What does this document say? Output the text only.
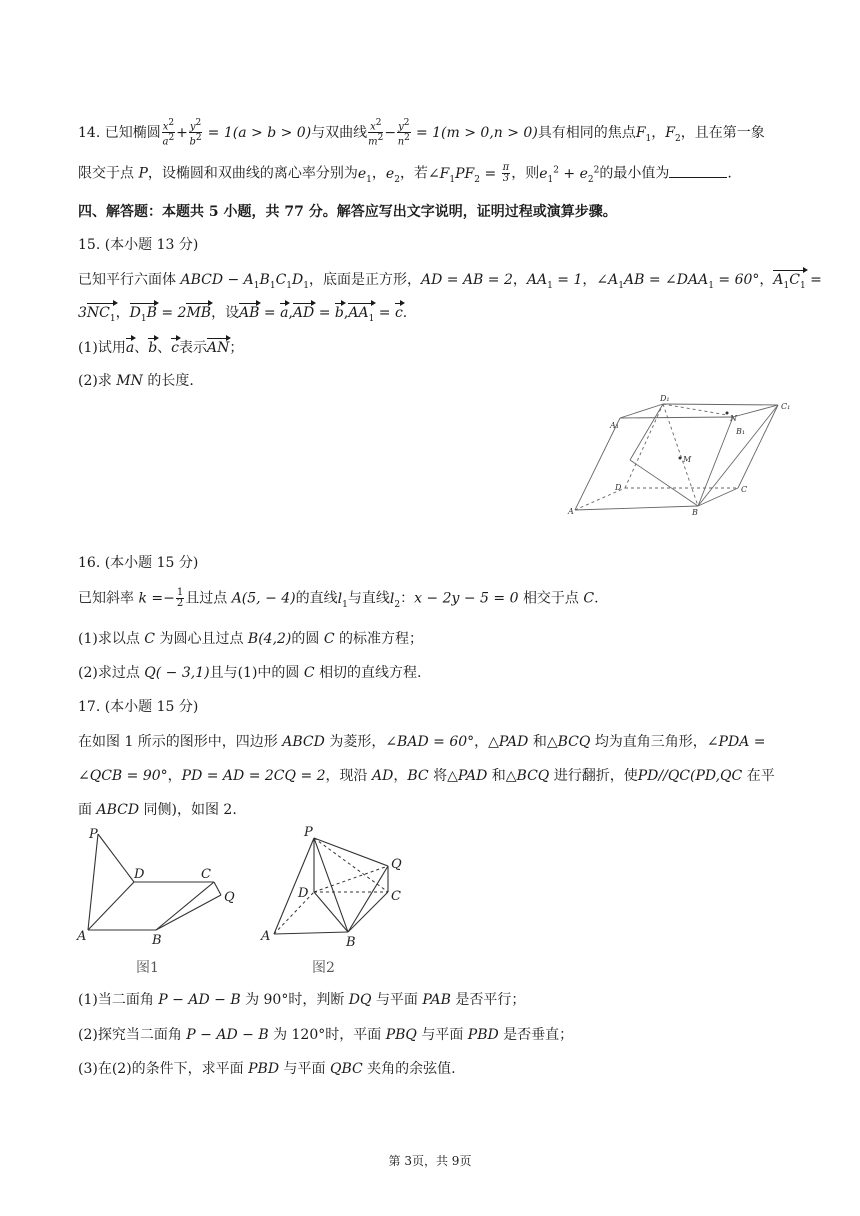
14. 已知椭圆 $\frac{x^2}{a^2} + \frac{y^2}{b^2} = 1(a > b > 0)$与双曲线 $\frac{x^2}{m^2} - \frac{y^2}{n^2} = 1(m > 0,n > 0)$具有相同的焦点$F_1$，$F_2$，且在第一象
限交于点 P，设椭圆和双曲线的离心率分别为$e_1$，$e_2$，若$\angle F_1PF_2 = \frac{\pi}{3}$ ，则$e_1^2 + e_2^2$的最小值为	.
四、解答题：本题共 5 小题，共 77 分。解答应写出文字说明，证明过程或演算步骤。
15. (本小题 13 分)
已知平行六面体 ABCD − $A_1B_1C_1D_1$，底面是正方形，AD = AB = 2，$AA_1 = 1$，$\angle A_1AB$ = $\angle DAA_1 = 60^\circ$，$A_1C_1$ =
$3NC_1$，$D_1B = 2MB$，设AB = $a,AD = b,AA_1 = c$.
(1)试用a、b、c表示AN；
(2)求 MN 的长度.
D₁
N
C₁
A₁
B₁
M
D	C
A	B
16. (本小题 15 分)
已知斜率 $k =- \frac{1}{2}$ 且过点 A(5, − 4)的直线$l_1$与直线$l_2$：x − 2y − 5 = 0 相交于点 C.
(1)求以点 C 为圆心且过点 B(4,2)的圆 C 的标准方程；
(2)求过点 Q( − 3,1)且与(1)中的圆 C 相切的直线方程.
17. (本小题 15 分)
在如图 1 所示的图形中，四边形 ABCD 为菱形，∠BAD = 60°，△PAD 和△BCQ 均为直角三角形，∠PDA =
∠QCB = 90°，PD = AD = 2CQ = 2，现沿 AD，BC 将△PAD 和△BCQ 进行翻折，使PD//QC(PD,QC 在平
面 ABCD 同侧)，如图 2.
P
D	C
Q
A	B
图1
P
Q
D	C
A	B
图2
(1)当二面角 P − AD − B 为 90°时，判断 DQ 与平面 PAB 是否平行；
(2)探究当二面角 P − AD − B 为 120°时，平面 PBQ 与平面 PBD 是否垂直；
(3)在(2)的条件下，求平面 PBD 与平面 QBC 夹角的余弦值.
第 3页，共 9页
